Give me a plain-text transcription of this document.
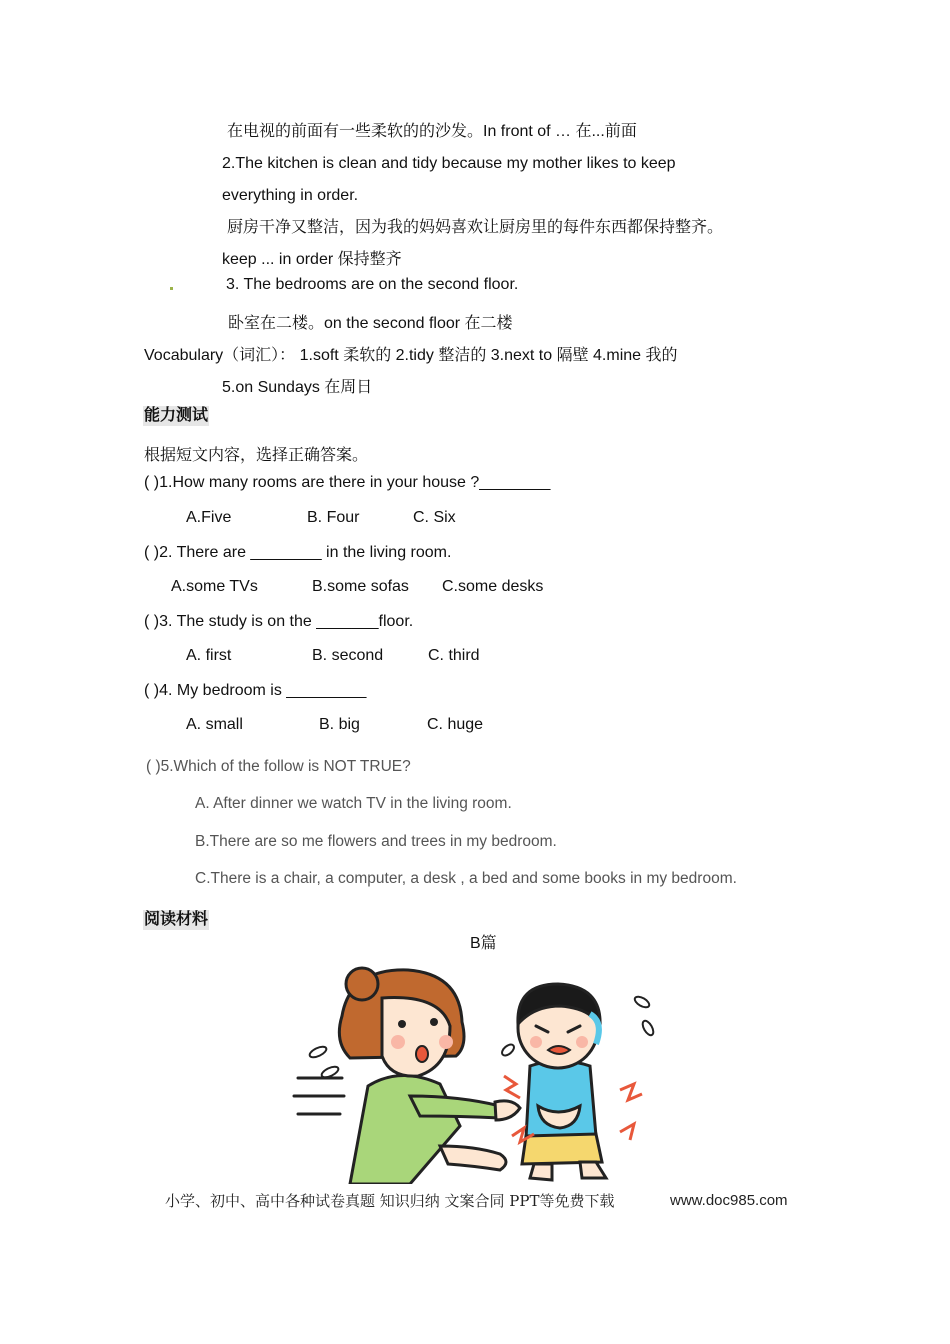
在电视的前面有一些柔软的的沙发。In front of … 在...前面
2.The kitchen is clean and tidy because my mother likes to keep
everything in order.
厨房干净又整洁，因为我的妈妈喜欢让厨房里的每件东西都保持整齐。
keep ... in order 保持整齐
3. The bedrooms are on the second floor.
卧室在二楼。on the second floor 在二楼
Vocabulary（词汇）： 1.soft 柔软的 2.tidy 整洁的 3.next to 隔壁 4.mine 我的
5.on Sundays 在周日
能力测试
根据短文内容，选择正确答案。
( )1.How many rooms are there in your house ?________
A.Five	B. Four	C. Six
( )2. There are ________ in the living room.
A.some TVs	B.some sofas C.some desks
( )3. The study is on the _______floor.
A. first	B. second	C. third
( )4. My bedroom is _________
A. small	B. big	C. huge
( )5.Which of the follow is NOT TRUE?
A. After dinner we watch TV in the living room.
B.There are so me flowers and trees in my bedroom.
C.There is a chair, a computer, a desk , a bed and some books in my bedroom.
阅读材料
B篇
小学、初中、高中各种试卷真题 知识归纳 文案合同 PPT等免费下载	www.doc985.com
